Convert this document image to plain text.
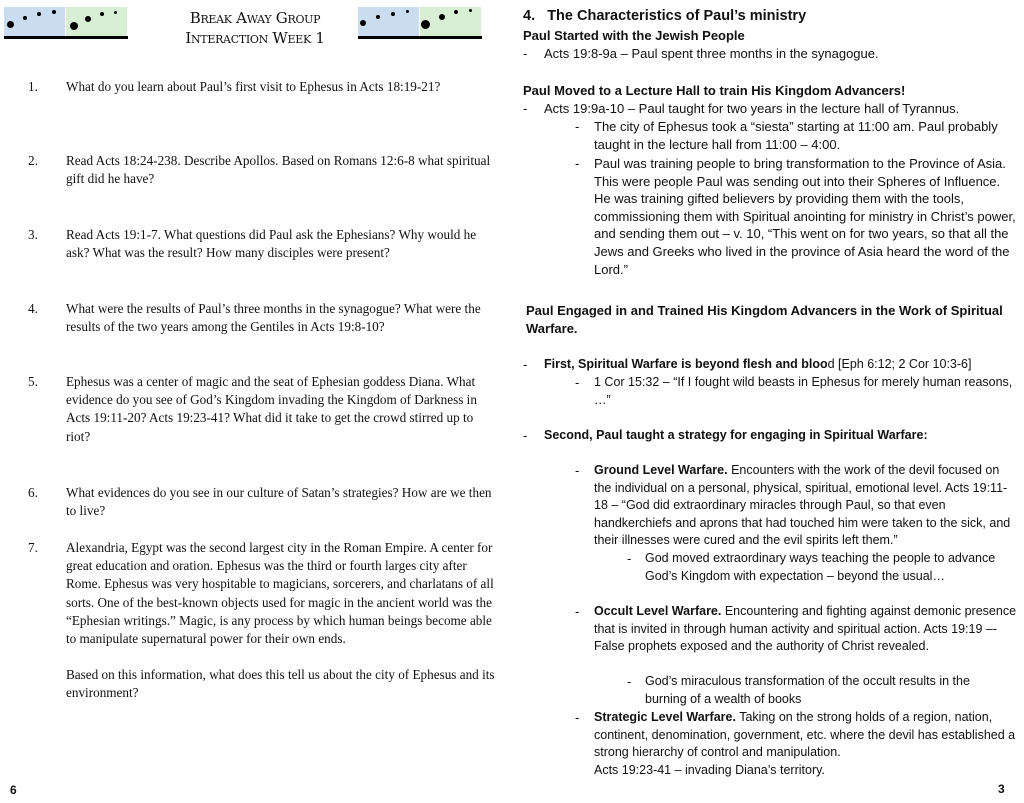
Break Away Group
Interaction Week 1
1.	What do you learn about Paul’s first visit to Ephesus in Acts 18:19-21?

2.	Read Acts 18:24-238. Describe Apollos. Based on Romans 12:6-8 what spiritual gift did he have?

3.	Read Acts 19:1-7. What questions did Paul ask the Ephesians? Why would he ask? What was the result? How many disciples were present?

4.	What were the results of Paul’s three months in the synagogue? What were the results of the two years among the Gentiles in Acts 19:8-10?

5.	Ephesus was a center of magic and the seat of Ephesian goddess Diana. What evidence do you see of God’s Kingdom invading the Kingdom of Darkness in Acts 19:11-20? Acts 19:23-41? What did it take to get the crowd stirred up to riot?

6.	What evidences do you see in our culture of Satan’s strategies? How are we then to live?

7.	Alexandria, Egypt was the second largest city in the Roman Empire. A center for great education and oration. Ephesus was the third or fourth larges city after Rome. Ephesus was very hospitable to magicians, sorcerers, and charlatans of all sorts. One of the best-known objects used for magic in the ancient world was the “Ephesian writings.” Magic, is any process by which human beings become able to manipulate supernatural power for their own ends.

Based on this information, what does this tell us about the city of Ephesus and its environment?

6
4. The Characteristics of Paul’s ministry
Paul Started with the Jewish People
- Acts 19:8-9a – Paul spent three months in the synagogue.
Paul Moved to a Lecture Hall to train His Kingdom Advancers!
- Acts 19:9a-10 – Paul taught for two years in the lecture hall of Tyrannus.
- The city of Ephesus took a “siesta” starting at 11:00 am. Paul probably taught in the lecture hall from 11:00 – 4:00.
- Paul was training people to bring transformation to the Province of Asia. This were people Paul was sending out into their Spheres of Influence. He was training gifted believers by providing them with the tools, commissioning them with Spiritual anointing for ministry in Christ’s power, and sending them out – v. 10, “This went on for two years, so that all the Jews and Greeks who lived in the province of Asia heard the word of the Lord.”
Paul Engaged in and Trained His Kingdom Advancers in the Work of Spiritual Warfare.
- First, Spiritual Warfare is beyond flesh and blood [Eph 6:12; 2 Cor 10:3-6]
- 1 Cor 15:32 – “If I fought wild beasts in Ephesus for merely human reasons, …”
- Second, Paul taught a strategy for engaging in Spiritual Warfare:
- Ground Level Warfare. Encounters with the work of the devil focused on the individual on a personal, physical, spiritual, emotional level. Acts 19:11-18 – “God did extraordinary miracles through Paul, so that even handkerchiefs and aprons that had touched him were taken to the sick, and their illnesses were cured and the evil spirits left them.”
- God moved extraordinary ways teaching the people to advance God’s Kingdom with expectation – beyond the usual…
- Occult Level Warfare. Encountering and fighting against demonic presence that is invited in through human activity and spiritual action. Acts 19:19 –- False prophets exposed and the authority of Christ revealed.
- God’s miraculous transformation of the occult results in the burning of a wealth of books
- Strategic Level Warfare. Taking on the strong holds of a region, nation, continent, denomination, government, etc. where the devil has established a strong hierarchy of control and manipulation.
Acts 19:23-41 – invading Diana’s territory.
3
